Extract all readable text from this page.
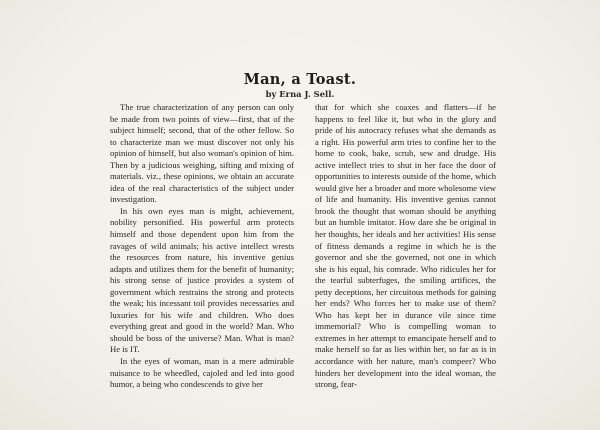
Man, a Toast.
by Erna J. Sell.

The true characterization of any person can only be made from two points of view—first, that of the subject himself; second, that of the other fellow. So to characterize man we must discover not only his opinion of himself, but also woman's opinion of him. Then by a judicious weighing, sifting and mixing of materials. viz., these opinions, we obtain an accurate idea of the real characteristics of the subject under investigation.

In his own eyes man is might, achievement, nobility personified. His powerful arm protects himself and those dependent upon him from the ravages of wild animals; his active intellect wrests the resources from nature, his inventive genius adapts and utilizes them for the benefit of humanity; his strong sense of justice provides a system of government which restrains the strong and protects the weak; his incessant toil provides necessaries and luxuries for his wife and children. Who does everything great and good in the world? Man. Who should be boss of the universe? Man. What is man? He is IT.

In the eyes of woman, man is a mere admirable nuisance to be wheedled, cajoled and led into good humor, a being who condescends to give her

that for which she coaxes and flatters—if he happens to feel like it, but who in the glory and pride of his autocracy refuses what she demands as a right. His powerful arm tries to confine her to the home to cook, bake, scrub, sew and drudge. His active intellect tries to shut in her face the door of opportunities to interests outside of the home, which would give her a broader and more wholesome view of life and humanity. His inventive genius cannot brook the thought that woman should be anything but an humble imitator. How dare she be original in her thoughts, her ideals and her activities! His sense of fitness demands a regime in which he is the governor and she the governed, not one in which she is his equal, his comrade. Who ridicules her for the tearful subterfuges, the smiling artifices, the petty deceptions, her circuitous methods for gaining her ends? Who forces her to make use of them? Who has kept her in durance vile since time immemorial? Who is compelling woman to extremes in her attempt to emancipate herself and to make herself so far as lies within her, so far as is in accordance with her nature, man's compeer? Who hinders her development into the ideal woman, the strong, fear-
